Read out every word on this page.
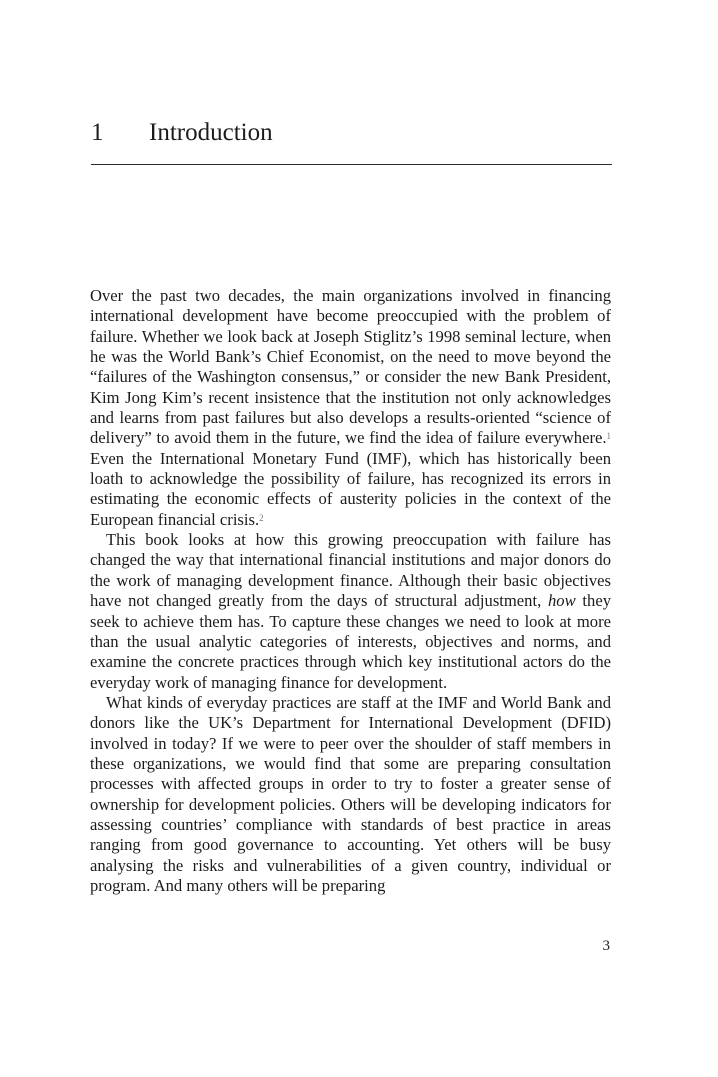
1 Introduction

Over the past two decades, the main organizations involved in financing international development have become preoccupied with the problem of failure. Whether we look back at Joseph Stiglitz’s 1998 seminal lecture, when he was the World Bank’s Chief Economist, on the need to move beyond the “failures of the Washington consensus,” or consider the new Bank President, Kim Jong Kim’s recent insistence that the institution not only acknowledges and learns from past failures but also develops a results-oriented “science of delivery” to avoid them in the future, we find the idea of failure everywhere.$^1$ Even the International Monetary Fund (IMF), which has historically been loath to acknowledge the possibility of failure, has recognized its errors in estimating the economic effects of austerity policies in the context of the European financial crisis.$^2$

This book looks at how this growing preoccupation with failure has changed the way that international financial institutions and major donors do the work of managing development finance. Although their basic objectives have not changed greatly from the days of structural adjustment, how they seek to achieve them has. To capture these changes we need to look at more than the usual analytic categories of interests, objectives and norms, and examine the concrete practices through which key institutional actors do the everyday work of managing finance for development.

What kinds of everyday practices are staff at the IMF and World Bank and donors like the UK’s Department for International Development (DFID) involved in today? If we were to peer over the shoulder of staff members in these organizations, we would find that some are preparing consultation processes with affected groups in order to try to foster a greater sense of ownership for development policies. Others will be developing indicators for assessing countries’ compliance with standards of best practice in areas ranging from good governance to accounting. Yet others will be busy analysing the risks and vulnerabilities of a given country, individual or program. And many others will be preparing

3
